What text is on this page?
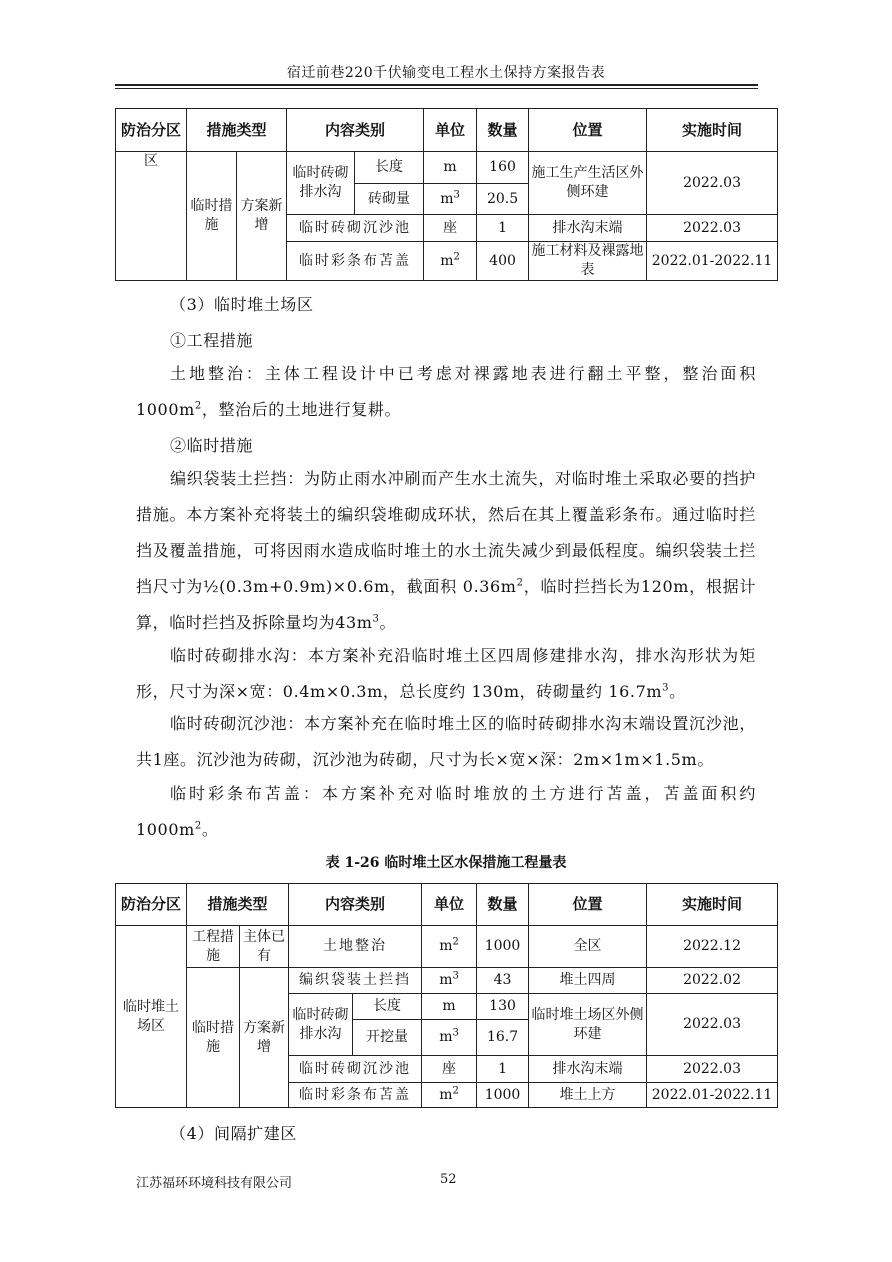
宿迁前巷220千伏输变电工程水土保持方案报告表
防治分区	措施类型		内容类别		单位	数量	位置	实施时间
区	临时措施	方案新增	临时砖砌排水沟	长度	m	160	施工生产生活区外侧环建	2022.03
				砖砌量	$m^3$	20.5		
			临时砖砌沉沙池		座	1	排水沟末端	2022.03
			临时彩条布苫盖		$m^2$	400	施工材料及裸露地表	2022.01-2022.11

（3）临时堆土场区

①工程措施

土地整治：主体工程设计中已考虑对裸露地表进行翻土平整，整治面积$1000m^2$，整治后的土地进行复耕。

②临时措施

编织袋装土拦挡：为防止雨水冲刷而产生水土流失，对临时堆土采取必要的挡护措施。本方案补充将装土的编织袋堆砌成环状，然后在其上覆盖彩条布。通过临时拦挡及覆盖措施，可将因雨水造成临时堆土的水土流失减少到最低程度。编织袋装土拦挡尺寸为½(0.3m+0.9m)×0.6m，截面积 $0.36m^2$，临时拦挡长为120m，根据计算，临时拦挡及拆除量均为$43m^3$。

临时砖砌排水沟：本方案补充沿临时堆土区四周修建排水沟，排水沟形状为矩形，尺寸为深×宽：0.4m×0.3m，总长度约 130m，砖砌量约 $16.7m^3$。

临时砖砌沉沙池：本方案补充在临时堆土区的临时砖砌排水沟末端设置沉沙池，共1座。沉沙池为砖砌，沉沙池为砖砌，尺寸为长×宽×深：2m×1m×1.5m。

临时彩条布苫盖：本方案补充对临时堆放的土方进行苫盖，苫盖面积约$1000m^2$。

表 1-26 临时堆土区水保措施工程量表
防治分区	措施类型		内容类别		单位	数量	位置	实施时间
临时堆土场区	工程措施	主体已有	土地整治		$m^2$	1000	全区	2022.12
	临时措施	方案新增	编织袋装土拦挡		$m^3$	43	堆土四周	2022.02
			临时砖砌排水沟	长度	m	130	临时堆土场区外侧环建	2022.03
				开挖量	$m^3$	16.7		
			临时砖砌沉沙池		座	1	排水沟末端	2022.03
			临时彩条布苫盖		$m^2$	1000	堆土上方	2022.01-2022.11

（4）间隔扩建区

江苏福环环境科技有限公司	52
